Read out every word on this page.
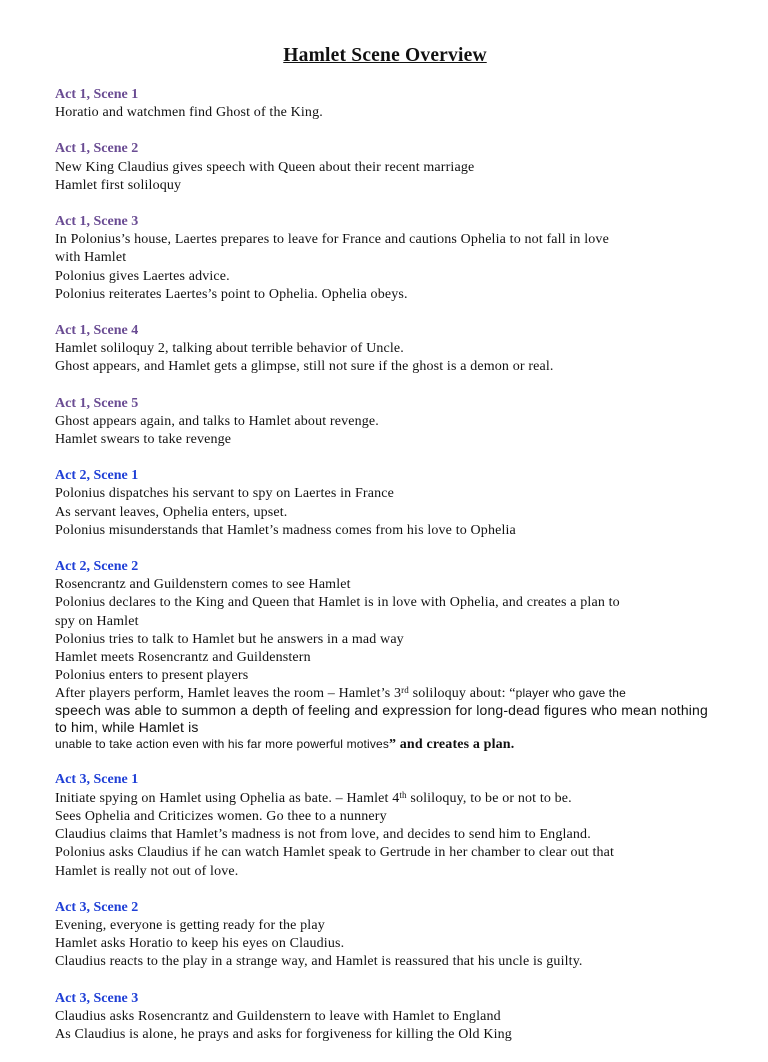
Hamlet Scene Overview
Act 1, Scene 1
Horatio and watchmen find Ghost of the King.
Act 1, Scene 2
New King Claudius gives speech with Queen about their recent marriage
Hamlet first soliloquy
Act 1, Scene 3
In Polonius’s house, Laertes prepares to leave for France and cautions Ophelia to not fall in love
with Hamlet
Polonius gives Laertes advice.
Polonius reiterates Laertes’s point to Ophelia. Ophelia obeys.
Act 1, Scene 4
Hamlet soliloquy 2, talking about terrible behavior of Uncle.
Ghost appears, and Hamlet gets a glimpse, still not sure if the ghost is a demon or real.
Act 1, Scene 5
Ghost appears again, and talks to Hamlet about revenge.
Hamlet swears to take revenge
Act 2, Scene 1
Polonius dispatches his servant to spy on Laertes in France
As servant leaves, Ophelia enters, upset.
Polonius misunderstands that Hamlet’s madness comes from his love to Ophelia
Act 2, Scene 2
Rosencrantz and Guildenstern comes to see Hamlet
Polonius declares to the King and Queen that Hamlet is in love with Ophelia, and creates a plan to
spy on Hamlet
Polonius tries to talk to Hamlet but he answers in a mad way
Hamlet meets Rosencrantz and Guildenstern
Polonius enters to present players
After players perform, Hamlet leaves the room – Hamlet’s 3rd soliloquy about: “player who gave the
speech was able to summon a depth of feeling and expression for long-dead figures who mean nothing to him, while Hamlet is
unable to take action even with his far more powerful motives” and creates a plan.
Act 3, Scene 1
Initiate spying on Hamlet using Ophelia as bate. – Hamlet 4th soliloquy, to be or not to be.
Sees Ophelia and Criticizes women. Go thee to a nunnery
Claudius claims that Hamlet’s madness is not from love, and decides to send him to England.
Polonius asks Claudius if he can watch Hamlet speak to Gertrude in her chamber to clear out that
Hamlet is really not out of love.
Act 3, Scene 2
Evening, everyone is getting ready for the play
Hamlet asks Horatio to keep his eyes on Claudius.
Claudius reacts to the play in a strange way, and Hamlet is reassured that his uncle is guilty.
Act 3, Scene 3
Claudius asks Rosencrantz and Guildenstern to leave with Hamlet to England
As Claudius is alone, he prays and asks for forgiveness for killing the Old King
